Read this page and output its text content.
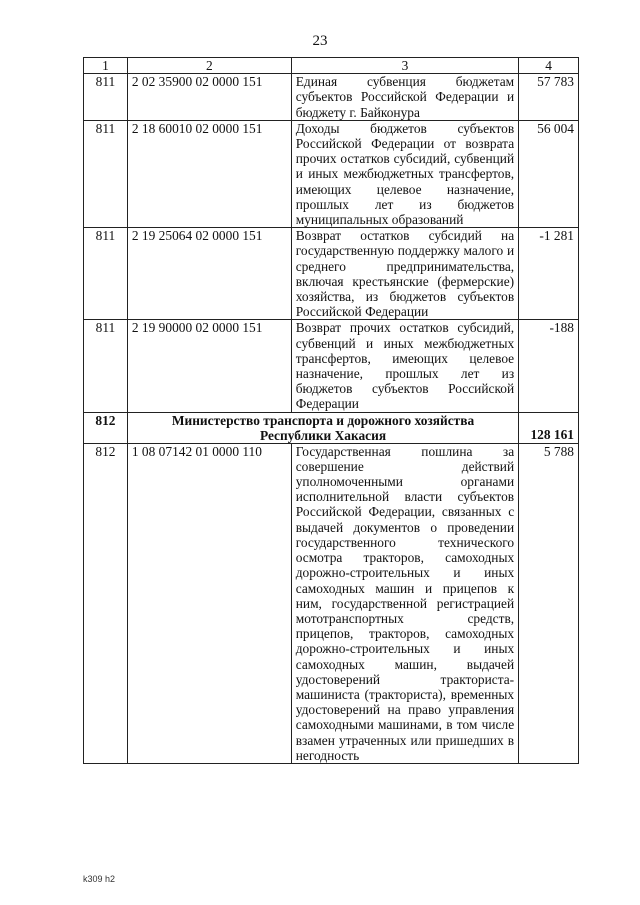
23
1	2	3	4
811	2 02 35900 02 0000 151	Единая субвенция бюджетам субъектов Российской Федерации и бюджету г. Байконура	57 783
811	2 18 60010 02 0000 151	Доходы бюджетов субъектов Российской Федерации от возврата прочих остатков субсидий, субвенций и иных межбюджетных трансфертов, имеющих целевое назначение, прошлых лет из бюджетов муниципальных образований	56 004
811	2 19 25064 02 0000 151	Возврат остатков субсидий на государственную поддержку малого и среднего предпринимательства, включая крестьянские (фермерские) хозяйства, из бюджетов субъектов Российской Федерации	-1 281
811	2 19 90000 02 0000 151	Возврат прочих остатков субсидий, субвенций и иных межбюджетных трансфертов, имеющих целевое назначение, прошлых лет из бюджетов субъектов Российской Федерации	-188
812	Министерство транспорта и дорожного хозяйства Республики Хакасия		128 161
812	1 08 07142 01 0000 110	Государственная пошлина за совершение действий уполномоченными органами исполнительной власти субъектов Российской Федерации, связанных с выдачей документов о проведении государственного технического осмотра тракторов, самоходных дорожно-строительных и иных самоходных машин и прицепов к ним, государственной регистрацией мототранспортных средств, прицепов, тракторов, самоходных дорожно-строительных и иных самоходных машин, выдачей удостоверений тракториста-машиниста (тракториста), временных удостоверений на право управления самоходными машинами, в том числе взамен утраченных или пришедших в негодность	5 788
k309 h2
